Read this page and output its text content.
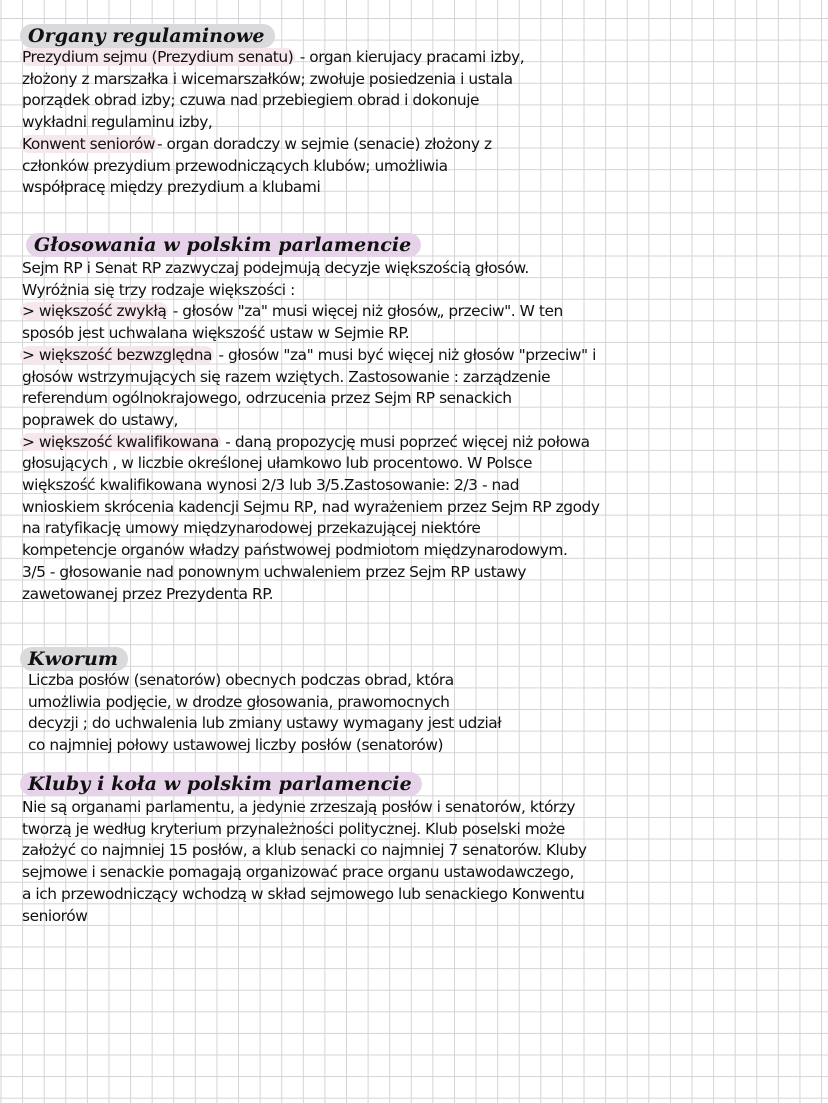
Organy regulaminowe
Prezydium sejmu (Prezydium senatu) - organ kierujacy pracami izby,
złożony z marszałka i wicemarszałków; zwołuje posiedzenia i ustala
porządek obrad izby; czuwa nad przebiegiem obrad i dokonuje
wykładni regulaminu izby,
Konwent seniorów - organ doradczy w sejmie (senacie) złożony z
członków prezydium przewodniczących klubów; umożliwia
współpracę między prezydium a klubami
Głosowania w polskim parlamencie
Sejm RP i Senat RP zazwyczaj podejmują decyzje większością głosów.
Wyróżnia się trzy rodzaje większości :
> większość zwykłą - głosów "za" musi więcej niż głosów„ przeciw". W ten
sposób jest uchwalana większość ustaw w Sejmie RP.
> większość bezwzględna - głosów "za" musi być więcej niż głosów "przeciw" i
głosów wstrzymujących się razem wziętych. Zastosowanie : zarządzenie
referendum ogólnokrajowego, odrzucenia przez Sejm RP senackich
poprawek do ustawy,
> większość kwalifikowana - daną propozycję musi poprzeć więcej niż połowa
głosujących , w liczbie określonej ułamkowo lub procentowo. W Polsce
większość kwalifikowana wynosi 2/3 lub 3/5.Zastosowanie: 2/3 - nad
wnioskiem skrócenia kadencji Sejmu RP, nad wyrażeniem przez Sejm RP zgody
na ratyfikację umowy międzynarodowej przekazującej niektóre
kompetencje organów władzy państwowej podmiotom międzynarodowym.
3/5 - głosowanie nad ponownym uchwaleniem przez Sejm RP ustawy
zawetowanej przez Prezydenta RP.
Kworum
Liczba posłów (senatorów) obecnych podczas obrad, która
umożliwia podjęcie, w drodze głosowania, prawomocnych
decyzji ; do uchwalenia lub zmiany ustawy wymagany jest udział
co najmniej połowy ustawowej liczby posłów (senatorów)
Kluby i koła w polskim parlamencie
Nie są organami parlamentu, a jedynie zrzeszają posłów i senatorów, którzy
tworzą je według kryterium przynależności politycznej. Klub poselski może
założyć co najmniej 15 posłów, a klub senacki co najmniej 7 senatorów. Kluby
sejmowe i senackie pomagają organizować prace organu ustawodawczego,
a ich przewodniczący wchodzą w skład sejmowego lub senackiego Konwentu
seniorów
